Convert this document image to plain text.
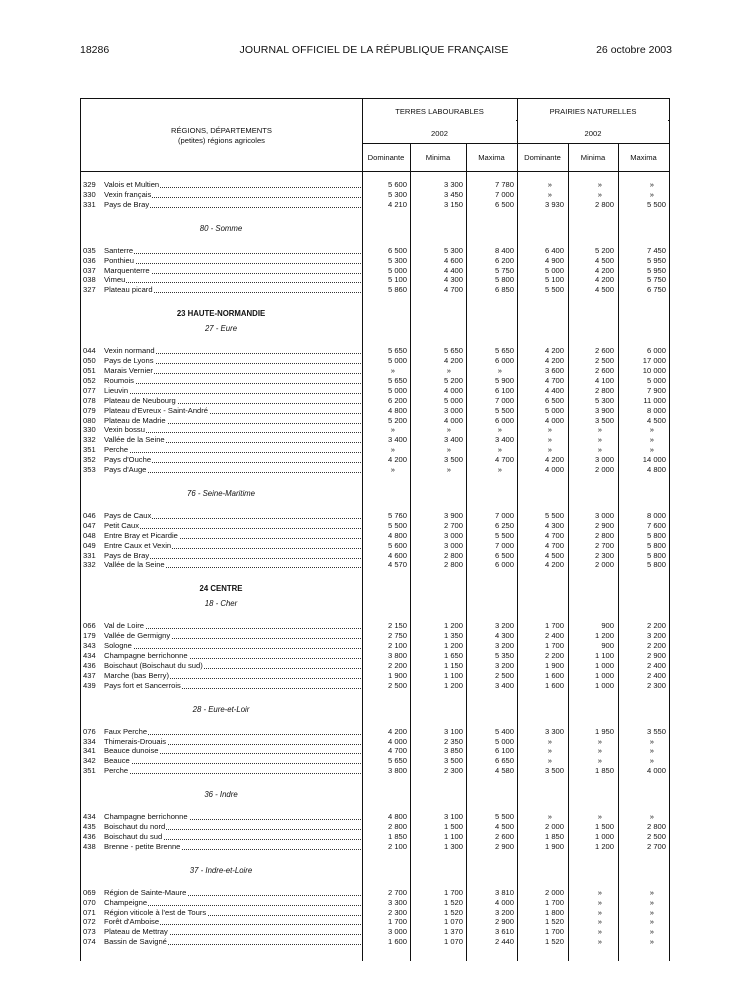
18286	JOURNAL OFFICIEL DE LA RÉPUBLIQUE FRANÇAISE	26 octobre 2003
RÉGIONS, DÉPARTEMENTS
(petites) régions agricoles
TERRES LABOURABLES	PRAIRIES NATURELLES
2002	2002
Dominante	Minima	Maxima	Dominante	Minima	Maxima
329	Valois et Multien	5 600	3 300	7 780	»	»	»
330	Vexin français	5 300	3 450	7 000	»	»	»
331	Pays de Bray	4 210	3 150	6 500	3 930	2 800	5 500
80 - Somme
035	Santerre	6 500	5 300	8 400	6 400	5 200	7 450
036	Ponthieu	5 300	4 600	6 200	4 900	4 500	5 950
037	Marquenterre	5 000	4 400	5 750	5 000	4 200	5 950
038	Vimeu	5 100	4 300	5 800	5 100	4 200	5 750
327	Plateau picard	5 860	4 700	6 850	5 500	4 500	6 750
23 HAUTE-NORMANDIE
27 - Eure
044	Vexin normand	5 650	5 650	5 650	4 200	2 600	6 000
050	Pays de Lyons	5 000	4 200	6 000	4 200	2 500	17 000
051	Marais Vernier	»	»	»	3 600	2 600	10 000
052	Roumois	5 650	5 200	5 900	4 700	4 100	5 000
077	Lieuvin	5 000	4 000	6 100	4 400	2 800	7 900
078	Plateau de Neubourg	6 200	5 000	7 000	6 500	5 300	11 000
079	Plateau d'Evreux - Saint-André	4 800	3 000	5 500	5 000	3 900	8 000
080	Plateau de Madrie	5 200	4 000	6 000	4 000	3 500	4 500
330	Vexin bossu	»	»	»	»	»	»
332	Vallée de la Seine	3 400	3 400	3 400	»	»	»
351	Perche	»	»	»	»	»	»
352	Pays d'Ouche	4 200	3 500	4 700	4 200	3 000	14 000
353	Pays d'Auge	»	»	»	4 000	2 000	4 800
76 - Seine-Maritime
046	Pays de Caux	5 760	3 900	7 000	5 500	3 000	8 000
047	Petit Caux	5 500	2 700	6 250	4 300	2 900	7 600
048	Entre Bray et Picardie	4 800	3 000	5 500	4 700	2 800	5 800
049	Entre Caux et Vexin	5 600	3 000	7 000	4 700	2 700	5 800
331	Pays de Bray	4 600	2 800	6 500	4 500	2 300	5 800
332	Vallée de la Seine	4 570	2 800	6 000	4 200	2 000	5 800
24 CENTRE
18 - Cher
066	Val de Loire	2 150	1 200	3 200	1 700	900	2 200
179	Vallée de Germigny	2 750	1 350	4 300	2 400	1 200	3 200
343	Sologne	2 100	1 200	3 200	1 700	900	2 200
434	Champagne berrichonne	3 800	1 650	5 350	2 200	1 100	2 900
436	Boischaut (Boischaut du sud)	2 200	1 150	3 200	1 900	1 000	2 400
437	Marche (bas Berry)	1 900	1 100	2 500	1 600	1 000	2 400
439	Pays fort et Sancerrois	2 500	1 200	3 400	1 600	1 000	2 300
28 - Eure-et-Loir
076	Faux Perche	4 200	3 100	5 400	3 300	1 950	3 550
334	Thimerais-Drouais	4 000	2 350	5 000	»	»	»
341	Beauce dunoise	4 700	3 850	6 100	»	»	»
342	Beauce	5 650	3 500	6 650	»	»	»
351	Perche	3 800	2 300	4 580	3 500	1 850	4 000
36 - Indre
434	Champagne berrichonne	4 800	3 100	5 500	»	»	»
435	Boischaut du nord	2 800	1 500	4 500	2 000	1 500	2 800
436	Boischaut du sud	1 850	1 100	2 600	1 850	1 000	2 500
438	Brenne - petite Brenne	2 100	1 300	2 900	1 900	1 200	2 700
37 - Indre-et-Loire
069	Région de Sainte-Maure	2 700	1 700	3 810	2 000	»	»
070	Champeigne	3 300	1 520	4 000	1 700	»	»
071	Région viticole à l'est de Tours	2 300	1 520	3 200	1 800	»	»
072	Forêt d'Amboise	1 700	1 070	2 900	1 520	»	»
073	Plateau de Mettray	3 000	1 370	3 610	1 700	»	»
074	Bassin de Savigné	1 600	1 070	2 440	1 520	»	»
